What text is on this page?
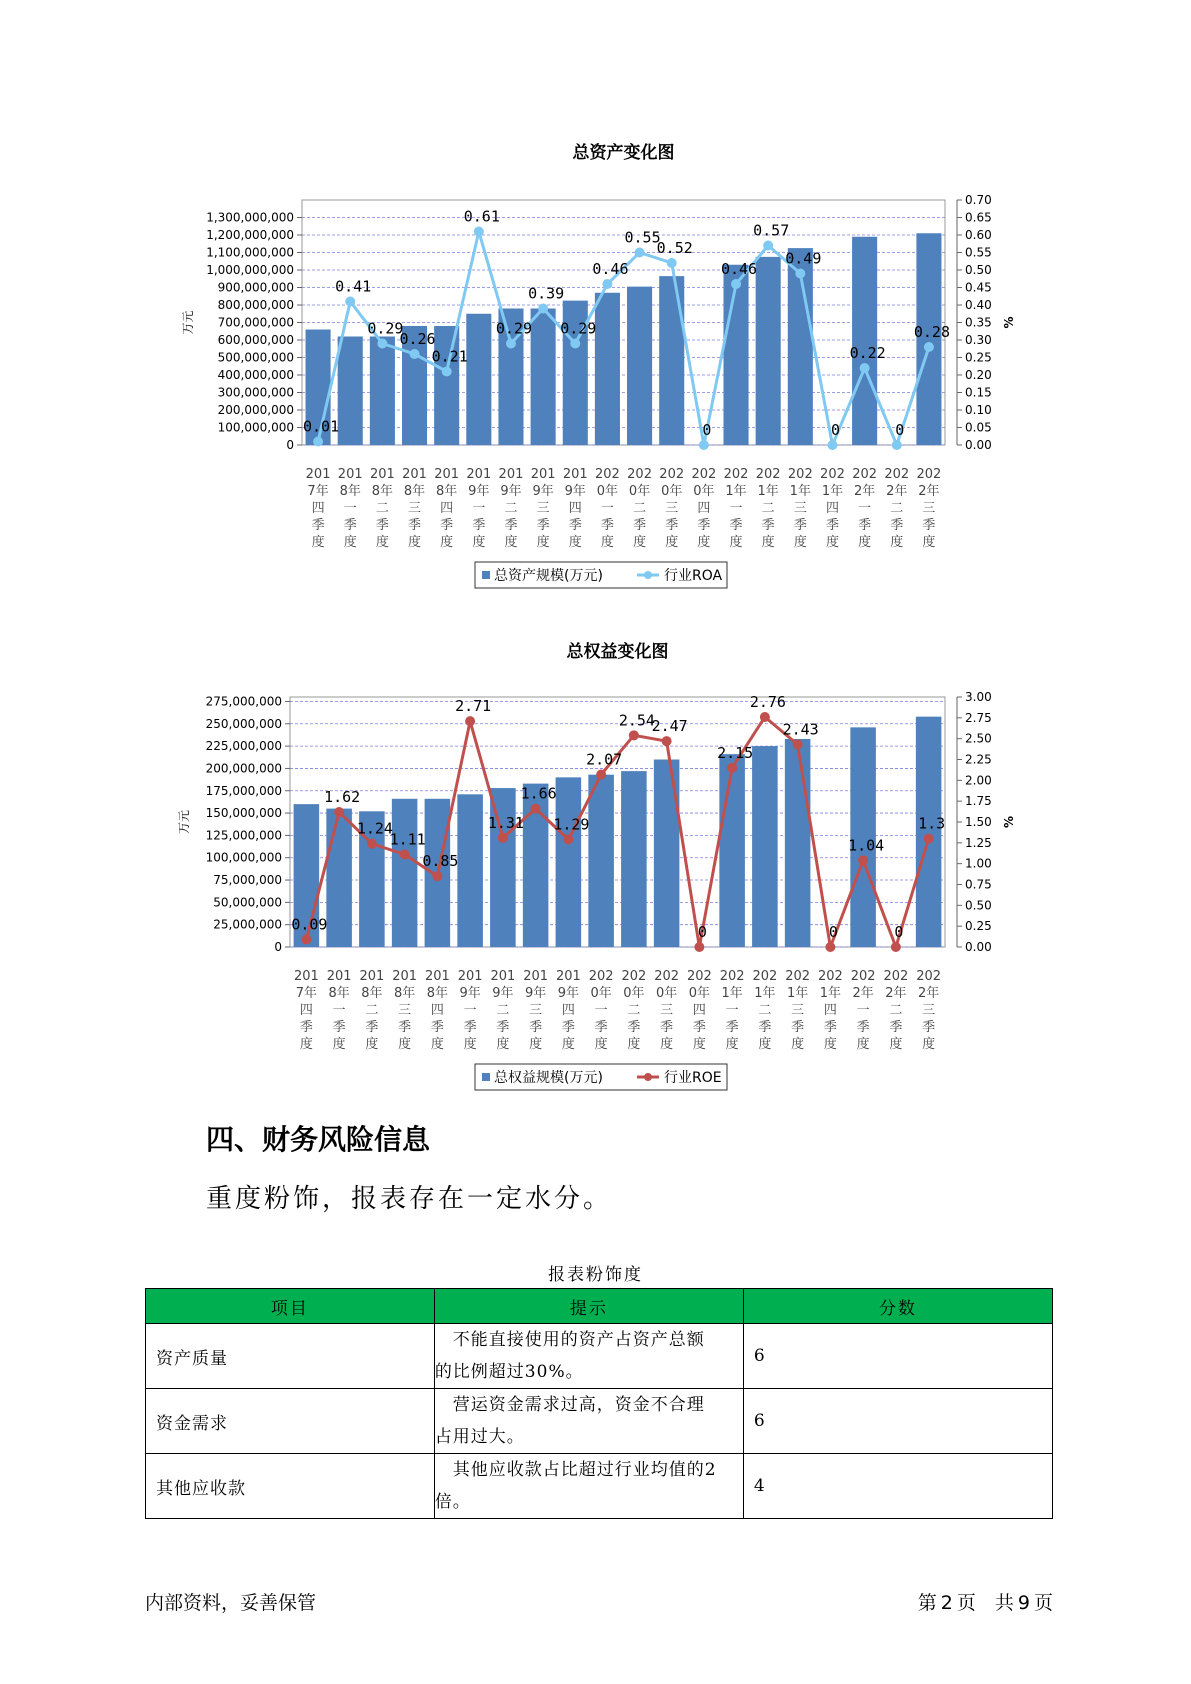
总资产变化图
0
100,000,000
200,000,000
300,000,000
400,000,000
500,000,000
600,000,000
700,000,000
800,000,000
900,000,000
1,000,000,000
1,100,000,000
1,200,000,000
1,300,000,000
0.00
0.05
0.10
0.15
0.20
0.25
0.30
0.35
0.40
0.45
0.50
0.55
0.60
0.65
0.70
万元	%
0.01
0.41
0.29
0.26
0.21
0.61
0.29
0.39
0.29
0.46
0.55
0.52
0
0.46
0.57
0.49
0
0.22
0
0.28
201
7年
四
季
度
201
8年
一
季
度
201
8年
二
季
度
201
8年
三
季
度
201
8年
四
季
度
201
9年
一
季
度
201
9年
二
季
度
201
9年
三
季
度
201
9年
四
季
度
202
0年
一
季
度
202
0年
二
季
度
202
0年
三
季
度
202
0年
四
季
度
202
1年
一
季
度
202
1年
二
季
度
202
1年
三
季
度
202
1年
四
季
度
202
2年
一
季
度
202
2年
二
季
度
202
2年
三
季
度
总资产规模(万元)	行业ROA
总权益变化图
0
25,000,000
50,000,000
75,000,000
100,000,000
125,000,000
150,000,000
175,000,000
200,000,000
225,000,000
250,000,000
275,000,000
0.00
0.25
0.50
0.75
1.00
1.25
1.50
1.75
2.00
2.25
2.50
2.75
3.00
万元	%
0.09
1.62
1.24
1.11
0.85
2.71
1.31
1.66
1.29
2.07
2.54
2.47
0
2.15
2.76
2.43
0
1.04
0
1.3
201
7年
四
季
度
201
8年
一
季
度
201
8年
二
季
度
201
8年
三
季
度
201
8年
四
季
度
201
9年
一
季
度
201
9年
二
季
度
201
9年
三
季
度
201
9年
四
季
度
202
0年
一
季
度
202
0年
二
季
度
202
0年
三
季
度
202
0年
四
季
度
202
1年
一
季
度
202
1年
二
季
度
202
1年
三
季
度
202
1年
四
季
度
202
2年
一
季
度
202
2年
二
季
度
202
2年
三
季
度
总权益规模(万元)	行业ROE
四、财务风险信息
重度粉饰，报表存在一定水分。
报表粉饰度
项目	提示	分数
资产质量	　不能直接使用的资产占资产总额
的比例超过30%。	6
资金需求	　营运资金需求过高，资金不合理
占用过大。	6
其他应收款	　其他应收款占比超过行业均值的2
倍。	4
内部资料，妥善保管	第 2 页　共 9 页
